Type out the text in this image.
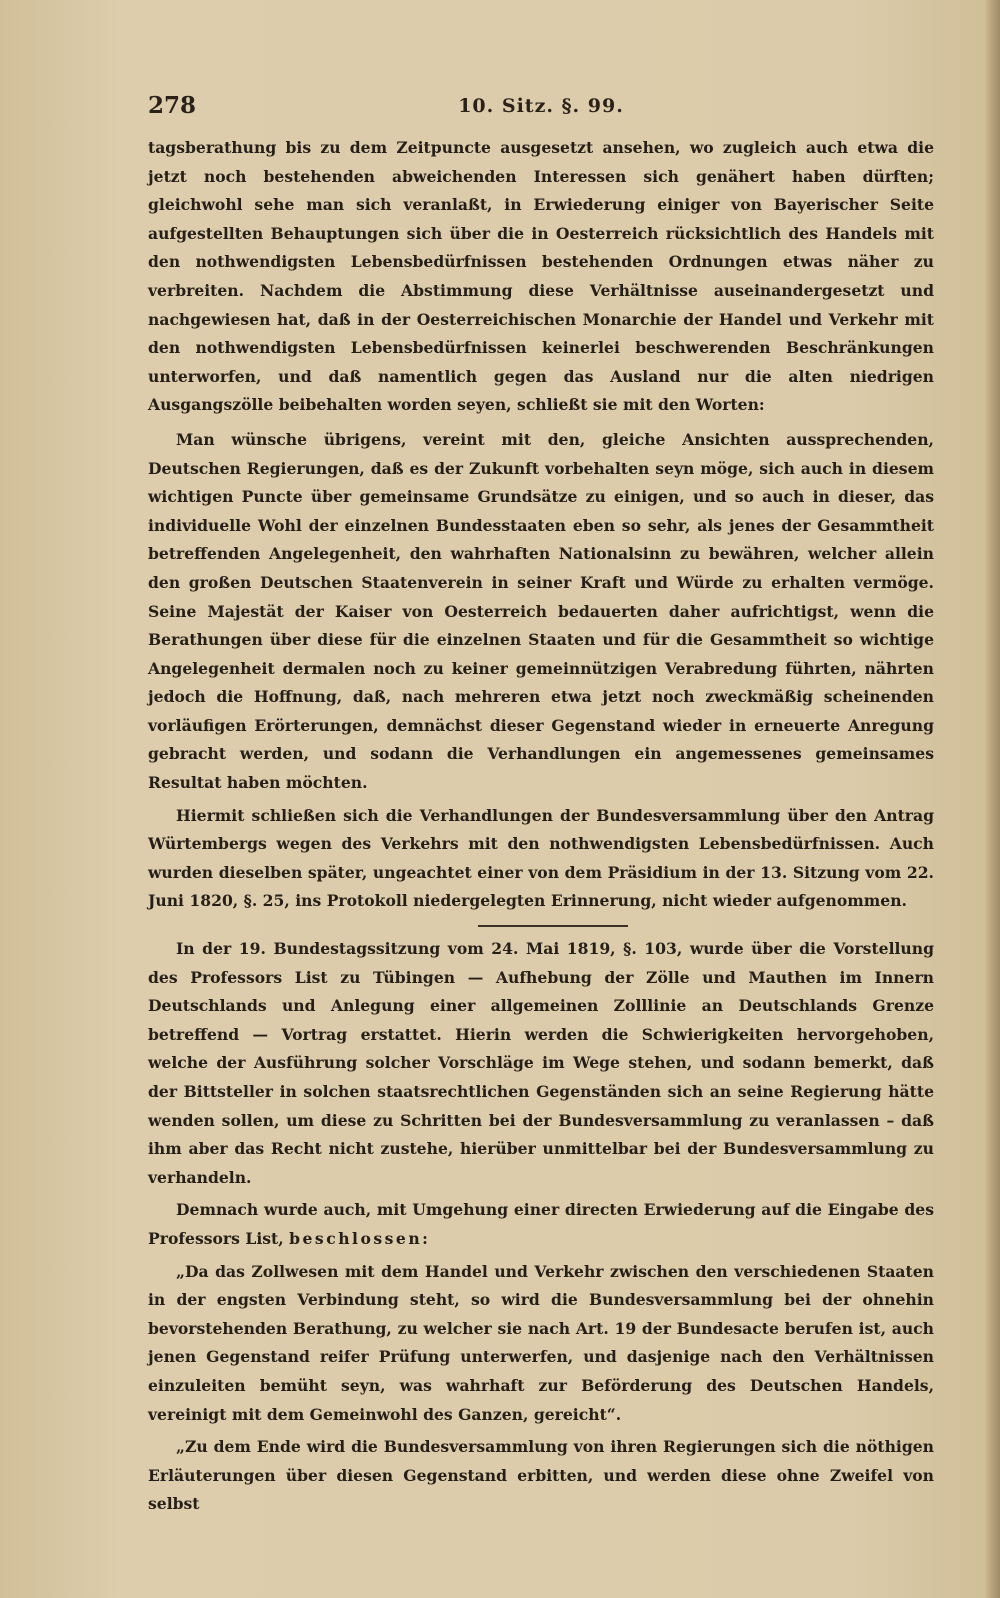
278	10. Sitz. §. 99.

tagsberathung bis zu dem Zeitpuncte ausgesetzt ansehen, wo zugleich auch etwa die jetzt noch bestehenden abweichenden Interessen sich genähert haben dürften; gleichwohl sehe man sich veranlaßt, in Erwiederung einiger von Bayerischer Seite aufgestellten Behauptungen sich über die in Oesterreich rücksichtlich des Handels mit den nothwendigsten Lebensbedürfnissen bestehenden Ordnungen etwas näher zu verbreiten. Nachdem die Abstimmung diese Verhältnisse auseinandergesetzt und nachgewiesen hat, daß in der Oesterreichischen Monarchie der Handel und Verkehr mit den nothwendigsten Lebensbedürfnissen keinerlei beschwerenden Beschränkungen unterworfen, und daß namentlich gegen das Ausland nur die alten niedrigen Ausgangszölle beibehalten worden seyen, schließt sie mit den Worten:

Man wünsche übrigens, vereint mit den, gleiche Ansichten aussprechenden, Deutschen Regierungen, daß es der Zukunft vorbehalten seyn möge, sich auch in diesem wichtigen Puncte über gemeinsame Grundsätze zu einigen, und so auch in dieser, das individuelle Wohl der einzelnen Bundesstaaten eben so sehr, als jenes der Gesammtheit betreffenden Angelegenheit, den wahrhaften Nationalsinn zu bewähren, welcher allein den großen Deutschen Staatenverein in seiner Kraft und Würde zu erhalten vermöge. Seine Majestät der Kaiser von Oesterreich bedauerten daher aufrichtigst, wenn die Berathungen über diese für die einzelnen Staaten und für die Gesammtheit so wichtige Angelegenheit dermalen noch zu keiner gemeinnützigen Verabredung führten, nährten jedoch die Hoffnung, daß, nach mehreren etwa jetzt noch zweckmäßig scheinenden vorläufigen Erörterungen, demnächst dieser Gegenstand wieder in erneuerte Anregung gebracht werden, und sodann die Verhandlungen ein angemessenes gemeinsames Resultat haben möchten.

Hiermit schließen sich die Verhandlungen der Bundesversammlung über den Antrag Würtembergs wegen des Verkehrs mit den nothwendigsten Lebensbedürfnissen. Auch wurden dieselben später, ungeachtet einer von dem Präsidium in der 13. Sitzung vom 22. Juni 1820, §. 25, ins Protokoll niedergelegten Erinnerung, nicht wieder aufgenommen.

In der 19. Bundestagssitzung vom 24. Mai 1819, §. 103, wurde über die Vorstellung des Professors List zu Tübingen — Aufhebung der Zölle und Mauthen im Innern Deutschlands und Anlegung einer allgemeinen Zolllinie an Deutschlands Grenze betreffend — Vortrag erstattet. Hierin werden die Schwierigkeiten hervorgehoben, welche der Ausführung solcher Vorschläge im Wege stehen, und sodann bemerkt, daß der Bittsteller in solchen staatsrechtlichen Gegenständen sich an seine Regierung hätte wenden sollen, um diese zu Schritten bei der Bundesversammlung zu veranlassen – daß ihm aber das Recht nicht zustehe, hierüber unmittelbar bei der Bundesversammlung zu verhandeln.

Demnach wurde auch, mit Umgehung einer directen Erwiederung auf die Eingabe des Professors List, beschlossen:

„Da das Zollwesen mit dem Handel und Verkehr zwischen den verschiedenen Staaten in der engsten Verbindung steht, so wird die Bundesversammlung bei der ohnehin bevorstehenden Berathung, zu welcher sie nach Art. 19 der Bundesacte berufen ist, auch jenen Gegenstand reifer Prüfung unterwerfen, und dasjenige nach den Verhältnissen einzuleiten bemüht seyn, was wahrhaft zur Beförderung des Deutschen Handels, vereinigt mit dem Gemeinwohl des Ganzen, gereicht“.

„Zu dem Ende wird die Bundesversammlung von ihren Regierungen sich die nöthigen Erläuterungen über diesen Gegenstand erbitten, und werden diese ohne Zweifel von selbst
